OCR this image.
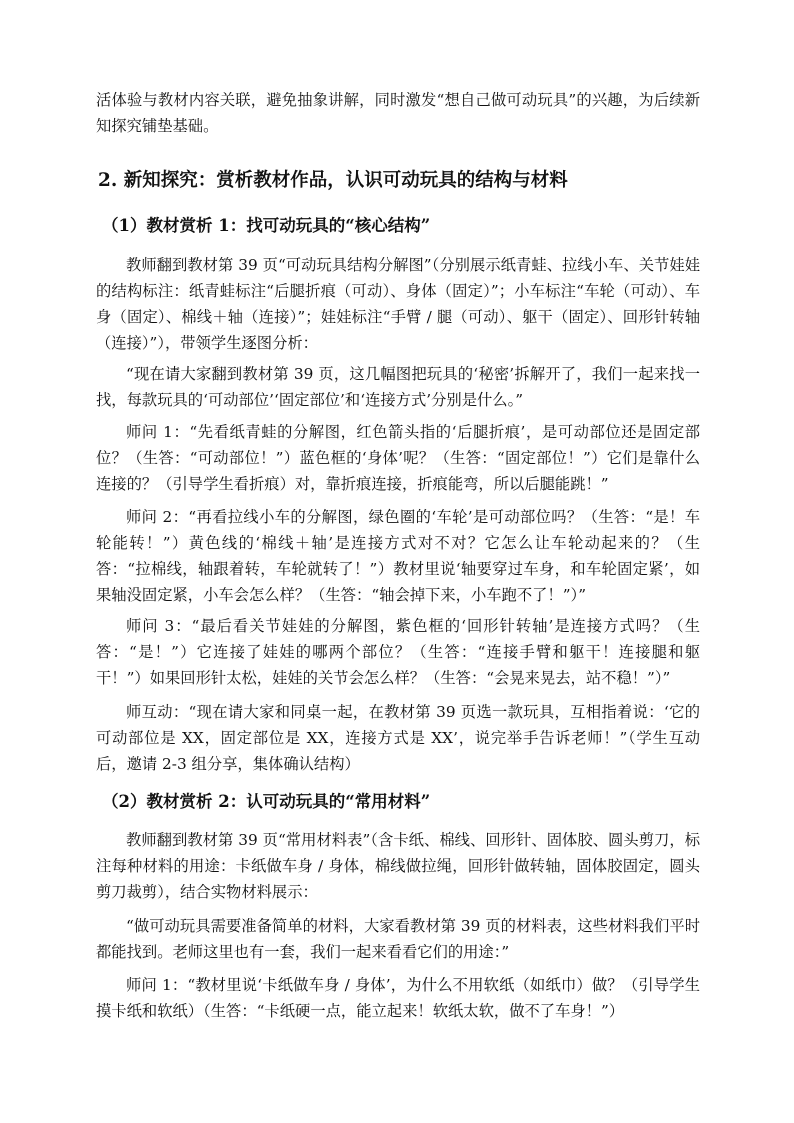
活体验与教材内容关联，避免抽象讲解，同时激发“想自己做可动玩具”的兴趣，为后续新知探究铺垫基础。

2. 新知探究：赏析教材作品，认识可动玩具的结构与材料
（1）教材赏析 1：找可动玩具的“核心结构”

教师翻到教材第 39 页“可动玩具结构分解图”（分别展示纸青蛙、拉线小车、关节娃娃的结构标注：纸青蛙标注“后腿折痕（可动）、身体（固定）”；小车标注“车轮（可动）、车身（固定）、棉线＋轴（连接）”；娃娃标注“手臂 / 腿（可动）、躯干（固定）、回形针转轴（连接）”），带领学生逐图分析：

“现在请大家翻到教材第 39 页，这几幅图把玩具的‘秘密’拆解开了，我们一起来找一找，每款玩具的‘可动部位’‘固定部位’和‘连接方式’分别是什么。”

师问 1：“先看纸青蛙的分解图，红色箭头指的‘后腿折痕’，是可动部位还是固定部位？（生答：“可动部位！”）蓝色框的‘身体’呢？（生答：“固定部位！”）它们是靠什么连接的？（引导学生看折痕）对，靠折痕连接，折痕能弯，所以后腿能跳！”

师问 2：“再看拉线小车的分解图，绿色圈的‘车轮’是可动部位吗？（生答：“是！车轮能转！”）黄色线的‘棉线＋轴’是连接方式对不对？它怎么让车轮动起来的？（生答：“拉棉线，轴跟着转，车轮就转了！”）教材里说‘轴要穿过车身，和车轮固定紧’，如果轴没固定紧，小车会怎么样？（生答：“轴会掉下来，小车跑不了！”）”

师问 3：“最后看关节娃娃的分解图，紫色框的‘回形针转轴’是连接方式吗？（生答：“是！”）它连接了娃娃的哪两个部位？（生答：“连接手臂和躯干！连接腿和躯干！”）如果回形针太松，娃娃的关节会怎么样？（生答：“会晃来晃去，站不稳！”）”

师互动：“现在请大家和同桌一起，在教材第 39 页选一款玩具，互相指着说：‘它的可动部位是 XX，固定部位是 XX，连接方式是 XX’，说完举手告诉老师！”（学生互动后，邀请 2-3 组分享，集体确认结构）

（2）教材赏析 2：认可动玩具的“常用材料”

教师翻到教材第 39 页“常用材料表”（含卡纸、棉线、回形针、固体胶、圆头剪刀，标注每种材料的用途：卡纸做车身 / 身体，棉线做拉绳，回形针做转轴，固体胶固定，圆头剪刀裁剪），结合实物材料展示：

“做可动玩具需要准备简单的材料，大家看教材第 39 页的材料表，这些材料我们平时都能找到。老师这里也有一套，我们一起来看看它们的用途：”

师问 1：“教材里说‘卡纸做车身 / 身体’，为什么不用软纸（如纸巾）做？（引导学生摸卡纸和软纸）（生答：“卡纸硬一点，能立起来！软纸太软，做不了车身！”）
